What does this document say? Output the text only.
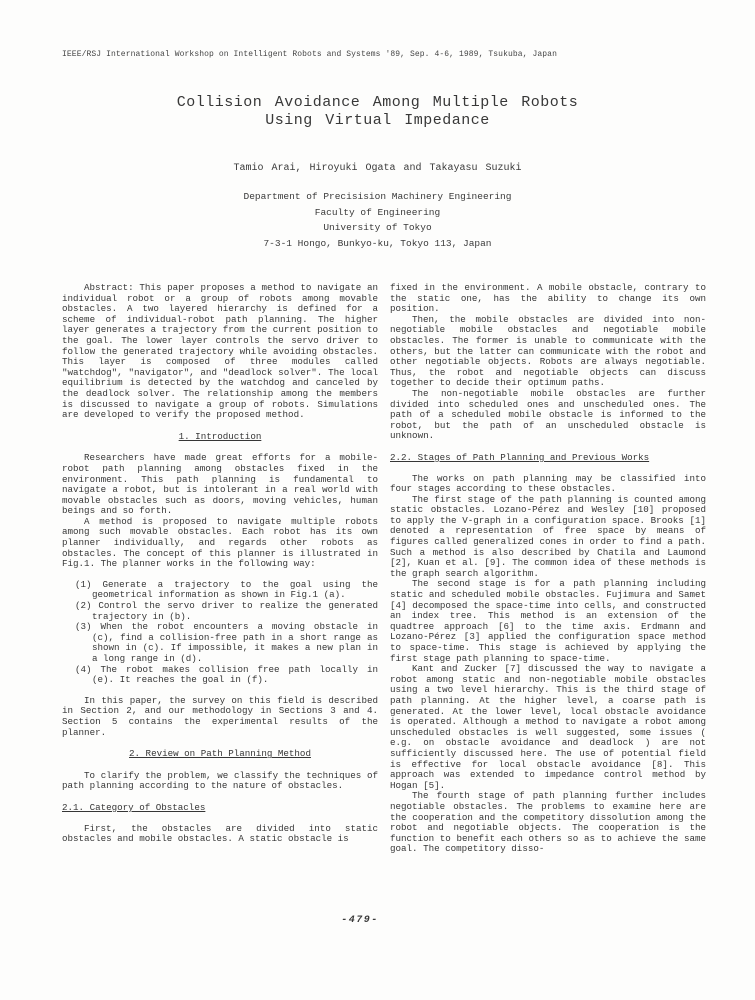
IEEE/RSJ International Workshop on Intelligent Robots and Systems '89, Sep. 4-6, 1989, Tsukuba, Japan
Collision Avoidance Among Multiple Robots
Using Virtual Impedance
Tamio Arai, Hiroyuki Ogata and Takayasu Suzuki
Department of Precisision Machinery Engineering
Faculty of Engineering
University of Tokyo
7-3-1 Hongo, Bunkyo-ku, Tokyo 113, Japan
Abstract: This paper proposes a method to navigate an individual robot or a group of robots among movable obstacles. A two layered hierarchy is defined for a scheme of individual-robot path planning. The higher layer generates a trajectory from the current position to the goal. The lower layer controls the servo driver to follow the generated trajectory while avoiding obstacles. This layer is composed of three modules called "watchdog", "navigator", and "deadlock solver". The local equilibrium is detected by the watchdog and canceled by the deadlock solver. The relationship among the members is discussed to navigate a group of robots. Simulations are developed to verify the proposed method.
1. Introduction
Researchers have made great efforts for a mobile-robot path planning among obstacles fixed in the environment. This path planning is fundamental to navigate a robot, but is intolerant in a real world with movable obstacles such as doors, moving vehicles, human beings and so forth.
A method is proposed to navigate multiple robots among such movable obstacles. Each robot has its own planner individually, and regards other robots as obstacles. The concept of this planner is illustrated in Fig.1. The planner works in the following way:
(1) Generate a trajectory to the goal using the geometrical information as shown in Fig.1 (a).
(2) Control the servo driver to realize the generated trajectory in (b).
(3) When the robot encounters a moving obstacle in (c), find a collision-free path in a short range as shown in (c). If impossible, it makes a new plan in a long range in (d).
(4) The robot makes collision free path locally in (e). It reaches the goal in (f).
In this paper, the survey on this field is described in Section 2, and our methodology in Sections 3 and 4. Section 5 contains the experimental results of the planner.
2. Review on Path Planning Method
To clarify the problem, we classify the techniques of path planning according to the nature of obstacles.
2.1. Category of Obstacles
First, the obstacles are divided into static obstacles and mobile obstacles. A static obstacle is
fixed in the environment. A mobile obstacle, contrary to the static one, has the ability to change its own position.
Then, the mobile obstacles are divided into non-negotiable mobile obstacles and negotiable mobile obstacles. The former is unable to communicate with the others, but the latter can communicate with the robot and other negotiable objects. Robots are always negotiable. Thus, the robot and negotiable objects can discuss together to decide their optimum paths.
The non-negotiable mobile obstacles are further divided into scheduled ones and unscheduled ones. The path of a scheduled mobile obstacle is informed to the robot, but the path of an unscheduled obstacle is unknown.
2.2. Stages of Path Planning and Previous Works
The works on path planning may be classified into four stages according to these obstacles.
The first stage of the path planning is counted among static obstacles. Lozano-Pérez and Wesley [10] proposed to apply the V-graph in a configuration space. Brooks [1] denoted a representation of free space by means of figures called generalized cones in order to find a path. Such a method is also described by Chatila and Laumond [2], Kuan et al. [9]. The common idea of these methods is the graph search algorithm.
The second stage is for a path planning including static and scheduled mobile obstacles. Fujimura and Samet [4] decomposed the space-time into cells, and constructed an index tree. This method is an extension of the quadtree approach [6] to the time axis. Erdmann and Lozano-Pérez [3] applied the configuration space method to space-time. This stage is achieved by applying the first stage path planning to space-time.
Kant and Zucker [7] discussed the way to navigate a robot among static and non-negotiable mobile obstacles using a two level hierarchy. This is the third stage of path planning. At the higher level, a coarse path is generated. At the lower level, local obstacle avoidance is operated. Although a method to navigate a robot among unscheduled obstacles is well suggested, some issues ( e.g. on obstacle avoidance and deadlock ) are not sufficiently discussed here. The use of potential field is effective for local obstacle avoidance [8]. This approach was extended to impedance control method by Hogan [5].
The fourth stage of path planning further includes negotiable obstacles. The problems to examine here are the cooperation and the competitory dissolution among the robot and negotiable objects. The cooperation is the function to benefit each others so as to achieve the same goal. The competitory disso-
-479-
